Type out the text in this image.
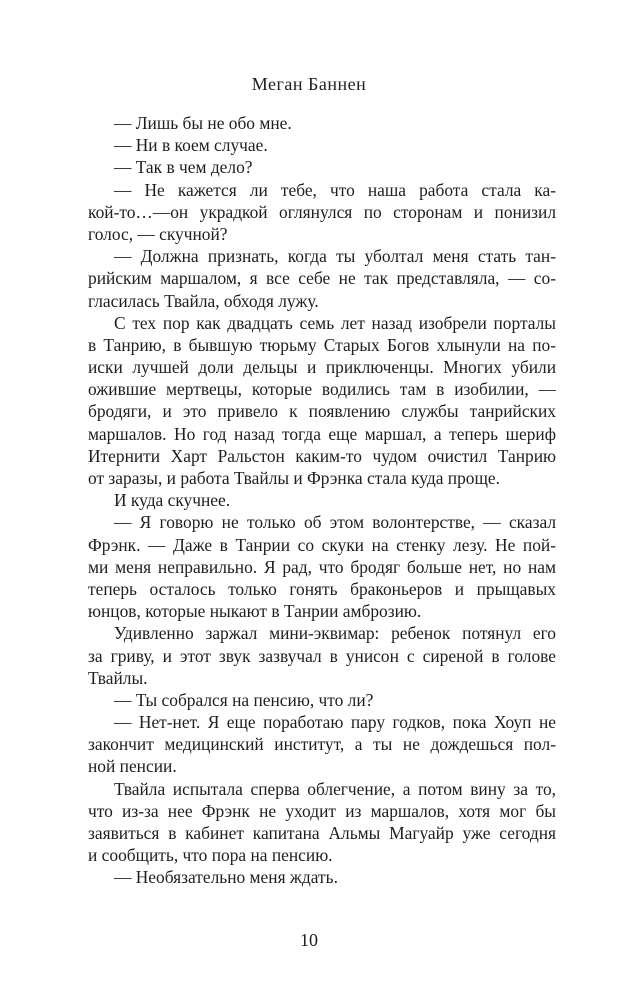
Меган Баннен
— Лишь бы не обо мне.
— Ни в коем случае.
— Так в чем дело?
— Не кажется ли тебе, что наша работа стала ка-
кой-то…—он украдкой оглянулся по сторонам и понизил
голос, — скучной?
— Должна признать, когда ты уболтал меня стать тан-
рийским маршалом, я все себе не так представляла, — со-
гласилась Твайла, обходя лужу.
С тех пор как двадцать семь лет назад изобрели порталы
в Танрию, в бывшую тюрьму Старых Богов хлынули на по-
иски лучшей доли дельцы и приключенцы. Многих убили
ожившие мертвецы, которые водились там в изобилии, —
бродяги, и это привело к появлению службы танрийских
маршалов. Но год назад тогда еще маршал, а теперь шериф
Итернити Харт Ральстон каким-то чудом очистил Танрию
от заразы, и работа Твайлы и Фрэнка стала куда проще.
И куда скучнее.
— Я говорю не только об этом волонтерстве, — сказал
Фрэнк. — Даже в Танрии со скуки на стенку лезу. Не пой-
ми меня неправильно. Я рад, что бродяг больше нет, но нам
теперь осталось только гонять браконьеров и прыщавых
юнцов, которые ныкают в Танрии амброзию.
Удивленно заржал мини-эквимар: ребенок потянул его
за гриву, и этот звук зазвучал в унисон с сиреной в голове
Твайлы.
— Ты собрался на пенсию, что ли?
— Нет-нет. Я еще поработаю пару годков, пока Хоуп не
закончит медицинский институт, а ты не дождешься пол-
ной пенсии.
Твайла испытала сперва облегчение, а потом вину за то,
что из-за нее Фрэнк не уходит из маршалов, хотя мог бы
заявиться в кабинет капитана Альмы Магуайр уже сегодня
и сообщить, что пора на пенсию.
— Необязательно меня ждать.
10
